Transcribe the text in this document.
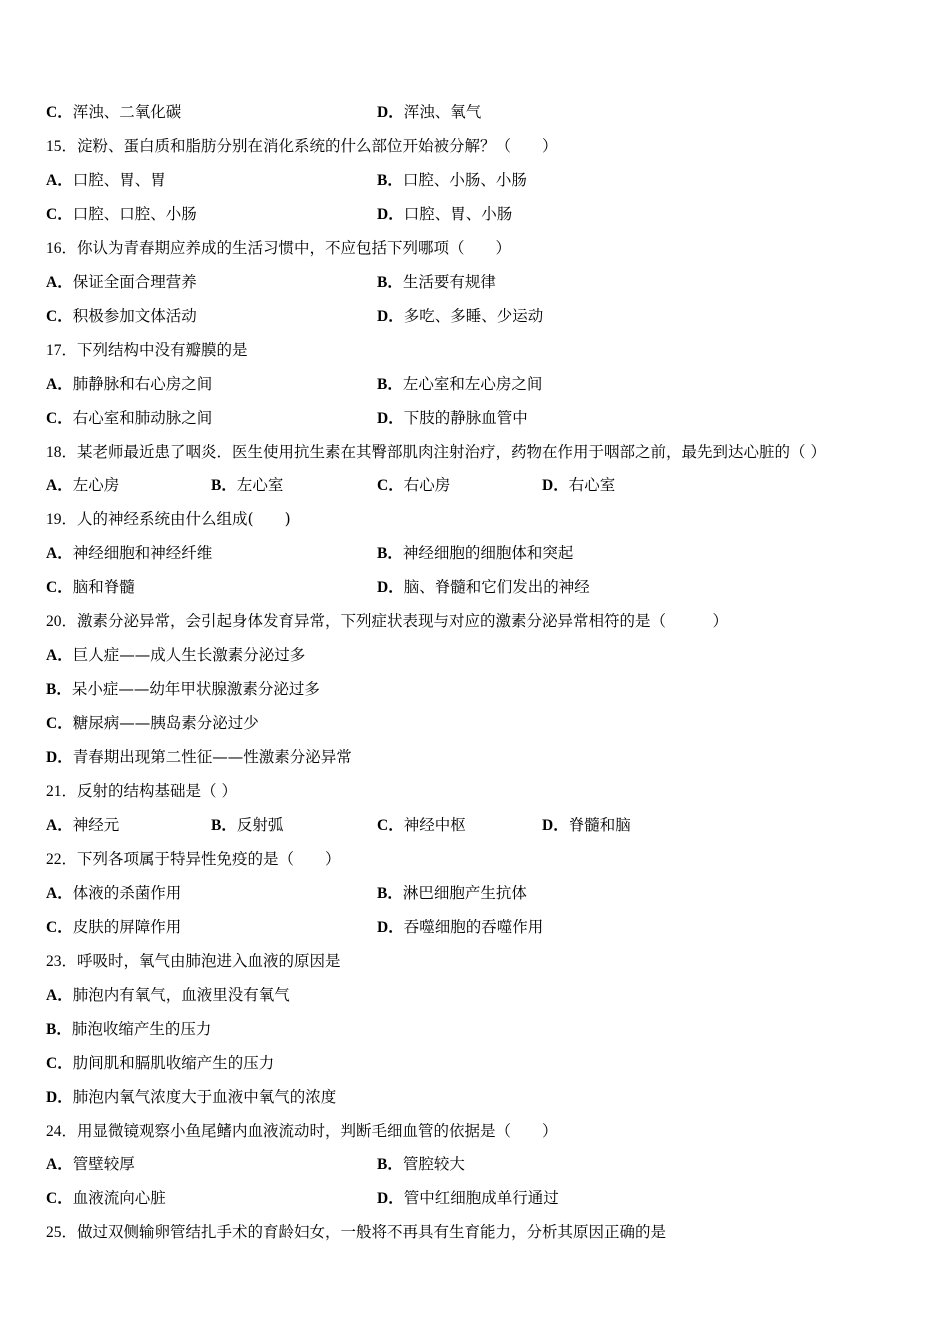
C．浑浊、二氧化碳	D．浑浊、氧气
15．淀粉、蛋白质和脂肪分别在消化系统的什么部位开始被分解？（　　）
A．口腔、胃、胃	B．口腔、小肠、小肠
C．口腔、口腔、小肠	D．口腔、胃、小肠
16．你认为青春期应养成的生活习惯中，不应包括下列哪项（　　）
A．保证全面合理营养	B．生活要有规律
C．积极参加文体活动	D．多吃、多睡、少运动
17．下列结构中没有瓣膜的是
A．肺静脉和右心房之间	B．左心室和左心房之间
C．右心室和肺动脉之间	D．下肢的静脉血管中
18．某老师最近患了咽炎．医生使用抗生素在其臀部肌肉注射治疗，药物在作用于咽部之前，最先到达心脏的（ ）
A．左心房	B．左心室	C．右心房	D．右心室
19．人的神经系统由什么组成(　　)
A．神经细胞和神经纤维	B．神经细胞的细胞体和突起
C．脑和脊髓	D．脑、脊髓和它们发出的神经
20．激素分泌异常，会引起身体发育异常，下列症状表现与对应的激素分泌异常相符的是（　　　）
A．巨人症——成人生长激素分泌过多
B．呆小症——幼年甲状腺激素分泌过多
C．糖尿病——胰岛素分泌过少
D．青春期出现第二性征——性激素分泌异常
21．反射的结构基础是（ ）
A．神经元	B．反射弧	C．神经中枢	D．脊髓和脑
22．下列各项属于特异性免疫的是（　　）
A．体液的杀菌作用	B．淋巴细胞产生抗体
C．皮肤的屏障作用	D．吞噬细胞的吞噬作用
23．呼吸时，氧气由肺泡进入血液的原因是
A．肺泡内有氧气，血液里没有氧气
B．肺泡收缩产生的压力
C．肋间肌和膈肌收缩产生的压力
D．肺泡内氧气浓度大于血液中氧气的浓度
24．用显微镜观察小鱼尾鳍内血液流动时，判断毛细血管的依据是（　　）
A．管壁较厚	B．管腔较大
C．血液流向心脏	D．管中红细胞成单行通过
25．做过双侧输卵管结扎手术的育龄妇女，一般将不再具有生育能力，分析其原因正确的是
